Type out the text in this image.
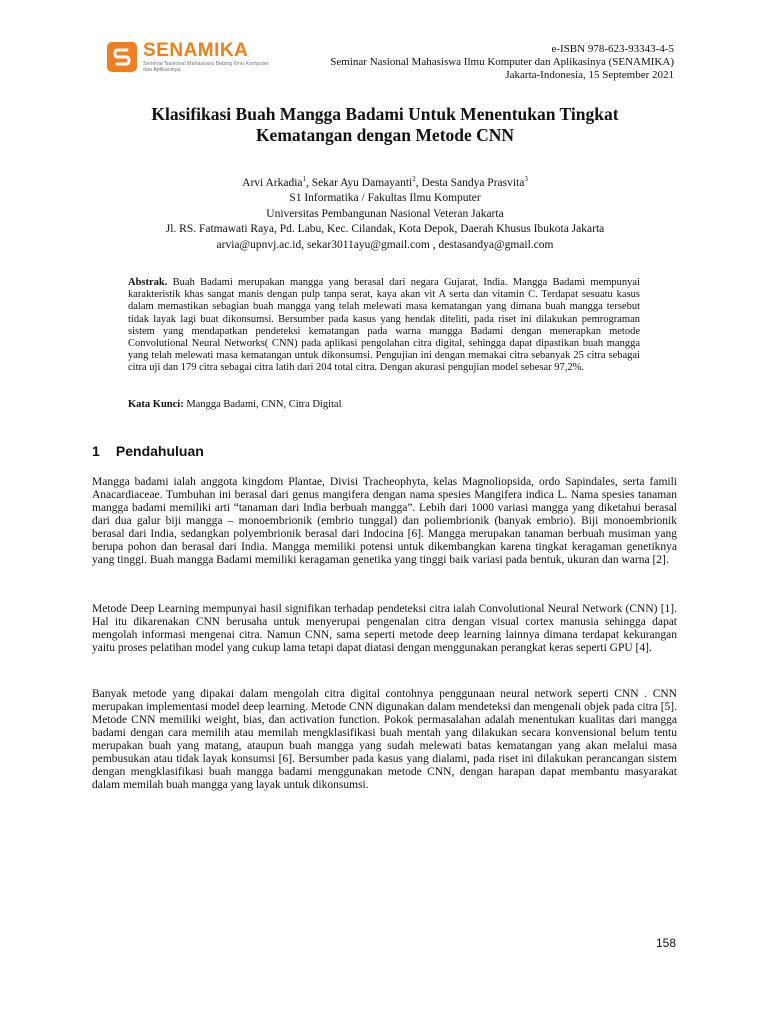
SENAMIKA
Seminar Nasional Mahasiswa Bidang Ilmu Komputer dan Aplikasinya
e-ISBN 978-623-93343-4-5
Seminar Nasional Mahasiswa Ilmu Komputer dan Aplikasinya (SENAMIKA)
Jakarta-Indonesia, 15 September 2021
Klasifikasi Buah Mangga Badami Untuk Menentukan Tingkat
Kematangan dengan Metode CNN
Arvi Arkadia$^1$, Sekar Ayu Damayanti$^2$, Desta Sandya Prasvita$^3$
S1 Informatika / Fakultas Ilmu Komputer
Universitas Pembangunan Nasional Veteran Jakarta
Jl. RS. Fatmawati Raya, Pd. Labu, Kec. Cilandak, Kota Depok, Daerah Khusus Ibukota Jakarta
arvia@upnvj.ac.id, sekar3011ayu@gmail.com , destasandya@gmail.com
Abstrak. Buah Badami merupakan mangga yang berasal dari negara Gujarat, India. Mangga Badami mempunyai karakteristik khas sangat manis dengan pulp tanpa serat, kaya akan vit A serta dan vitamin C. Terdapat sesuatu kasus dalam memastikan sebagian buah mangga yang telah melewati masa kematangan yang dimana buah mangga tersebut tidak layak lagi buat dikonsumsi. Bersumber pada kasus yang hendak diteliti, pada riset ini dilakukan pemrograman sistem yang mendapatkan pendeteksi kematangan pada warna mangga Badami dengan menerapkan metode Convolutional Neural Networks( CNN) pada aplikasi pengolahan citra digital, sehingga dapat dipastikan buah mangga yang telah melewati masa kematangan untuk dikonsumsi. Pengujian ini dengan memakai citra sebanyak 25 citra sebagai citra uji dan 179 citra sebagai citra latih dari 204 total citra. Dengan akurasi pengujian model sebesar 97,2%.
Kata Kunci: Mangga Badami, CNN, Citra Digital
1 Pendahuluan

Mangga badami ialah anggota kingdom Plantae, Divisi Tracheophyta, kelas Magnoliopsida, ordo Sapindales, serta famili Anacardiaceae. Tumbuhan ini berasal dari genus mangifera dengan nama spesies Mangifera indica L. Nama spesies tanaman mangga badami memiliki arti “tanaman dari India berbuah mangga”. Lebih dari 1000 variasi mangga yang diketahui berasal dari dua galur biji mangga – monoembrionik (embrio tunggal) dan poliembrionik (banyak embrio). Biji monoembrionik berasal dari India, sedangkan polyembrionik berasal dari Indocina [6]. Mangga merupakan tanaman berbuah musiman yang berupa pohon dan berasal dari India. Mangga memiliki potensi untuk dikembangkan karena tingkat keragaman genetiknya yang tinggi. Buah mangga Badami memiliki keragaman genetika yang tinggi baik variasi pada bentuk, ukuran dan warna [2].

Metode Deep Learning mempunyai hasil signifikan terhadap pendeteksi citra ialah Convolutional Neural Network (CNN) [1]. Hal itu dikarenakan CNN berusaha untuk menyerupai pengenalan citra dengan visual cortex manusia sehingga dapat mengolah informasi mengenai citra. Namun CNN, sama seperti metode deep learning lainnya dimana terdapat kekurangan yaitu proses pelatihan model yang cukup lama tetapi dapat diatasi dengan menggunakan perangkat keras seperti GPU [4].

Banyak metode yang dipakai dalam mengolah citra digital contohnya penggunaan neural network seperti CNN . CNN merupakan implementasi model deep learning. Metode CNN digunakan dalam mendeteksi dan mengenali objek pada citra [5]. Metode CNN memiliki weight, bias, dan activation function. Pokok permasalahan adalah menentukan kualitas dari mangga badami dengan cara memilih atau memilah mengklasifikasi buah mentah yang dilakukan secara konvensional belum tentu merupakan buah yang matang, ataupun buah mangga yang sudah melewati batas kematangan yang akan melalui masa pembusukan atau tidak layak konsumsi [6]. Bersumber pada kasus yang dialami, pada riset ini dilakukan perancangan sistem dengan mengklasifikasi buah mangga badami menggunakan metode CNN, dengan harapan dapat membantu masyarakat dalam memilah buah mangga yang layak untuk dikonsumsi.

158
